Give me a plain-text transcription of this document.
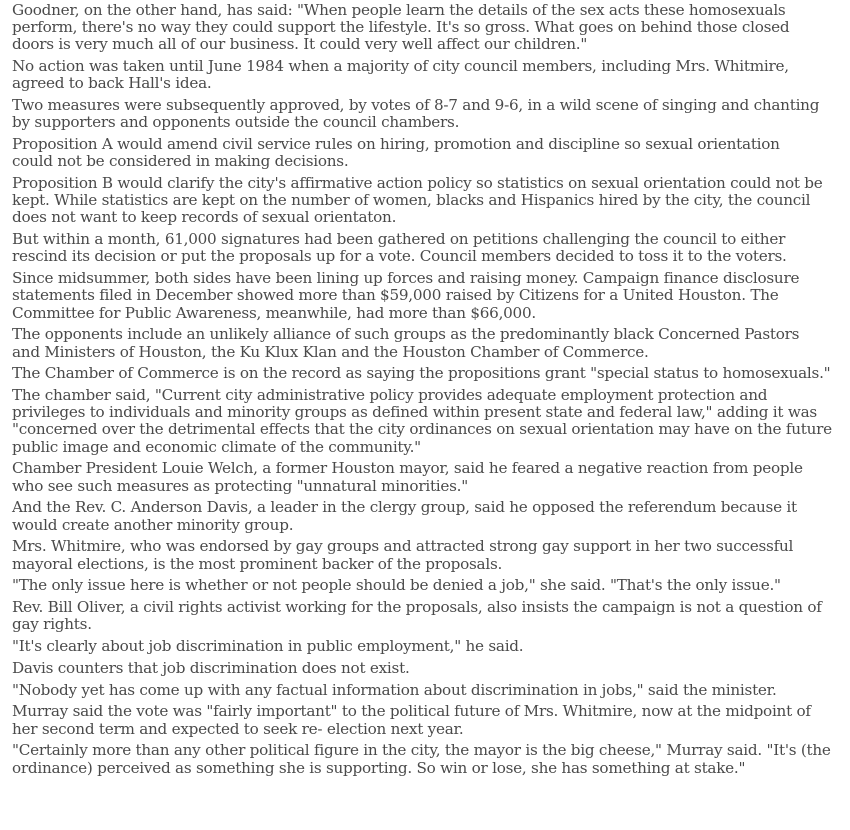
Goodner, on the other hand, has said: "When people learn the details of the sex acts these homosexuals
perform, there's no way they could support the lifestyle. It's so gross. What goes on behind those closed
doors is very much all of our business. It could very well affect our children."

No action was taken until June 1984 when a majority of city council members, including Mrs. Whitmire,
agreed to back Hall's idea.

Two measures were subsequently approved, by votes of 8-7 and 9-6, in a wild scene of singing and chanting
by supporters and opponents outside the council chambers.

Proposition A would amend civil service rules on hiring, promotion and discipline so sexual orientation
could not be considered in making decisions.

Proposition B would clarify the city's affirmative action policy so statistics on sexual orientation could not be
kept. While statistics are kept on the number of women, blacks and Hispanics hired by the city, the council
does not want to keep records of sexual orientaton.

But within a month, 61,000 signatures had been gathered on petitions challenging the council to either
rescind its decision or put the proposals up for a vote. Council members decided to toss it to the voters.

Since midsummer, both sides have been lining up forces and raising money. Campaign finance disclosure
statements filed in December showed more than $59,000 raised by Citizens for a United Houston. The
Committee for Public Awareness, meanwhile, had more than $66,000.

The opponents include an unlikely alliance of such groups as the predominantly black Concerned Pastors
and Ministers of Houston, the Ku Klux Klan and the Houston Chamber of Commerce.

The Chamber of Commerce is on the record as saying the propositions grant "special status to homosexuals."

The chamber said, "Current city administrative policy provides adequate employment protection and
privileges to individuals and minority groups as defined within present state and federal law," adding it was
"concerned over the detrimental effects that the city ordinances on sexual orientation may have on the future
public image and economic climate of the community."

Chamber President Louie Welch, a former Houston mayor, said he feared a negative reaction from people
who see such measures as protecting "unnatural minorities."

And the Rev. C. Anderson Davis, a leader in the clergy group, said he opposed the referendum because it
would create another minority group.

Mrs. Whitmire, who was endorsed by gay groups and attracted strong gay support in her two successful
mayoral elections, is the most prominent backer of the proposals.

"The only issue here is whether or not people should be denied a job," she said. "That's the only issue."

Rev. Bill Oliver, a civil rights activist working for the proposals, also insists the campaign is not a question of
gay rights.

"It's clearly about job discrimination in public employment," he said.

Davis counters that job discrimination does not exist.

"Nobody yet has come up with any factual information about discrimination in jobs," said the minister.

Murray said the vote was "fairly important" to the political future of Mrs. Whitmire, now at the midpoint of
her second term and expected to seek re- election next year.

"Certainly more than any other political figure in the city, the mayor is the big cheese," Murray said. "It's (the
ordinance) perceived as something she is supporting. So win or lose, she has something at stake."
